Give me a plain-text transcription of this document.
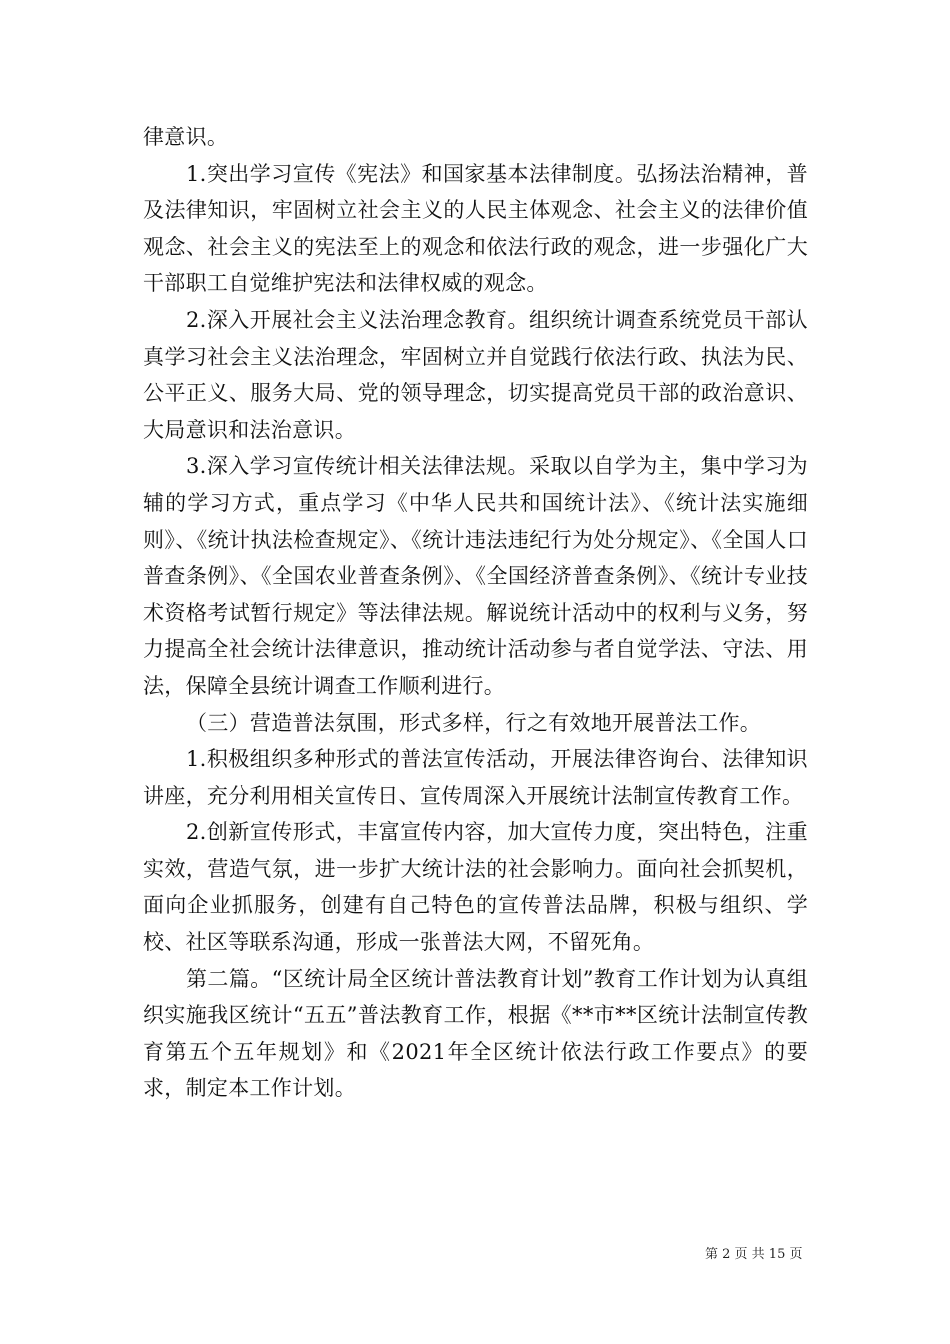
律意识。

1.突出学习宣传《宪法》和国家基本法律制度。弘扬法治精神，普及法律知识，牢固树立社会主义的人民主体观念、社会主义的法律价值观念、社会主义的宪法至上的观念和依法行政的观念，进一步强化广大干部职工自觉维护宪法和法律权威的观念。

2.深入开展社会主义法治理念教育。组织统计调查系统党员干部认真学习社会主义法治理念，牢固树立并自觉践行依法行政、执法为民、公平正义、服务大局、党的领导理念，切实提高党员干部的政治意识、大局意识和法治意识。

3.深入学习宣传统计相关法律法规。采取以自学为主，集中学习为辅的学习方式，重点学习《中华人民共和国统计法》、《统计法实施细则》、《统计执法检查规定》、《统计违法违纪行为处分规定》、《全国人口普查条例》、《全国农业普查条例》、《全国经济普查条例》、《统计专业技术资格考试暂行规定》等法律法规。解说统计活动中的权利与义务，努力提高全社会统计法律意识，推动统计活动参与者自觉学法、守法、用法，保障全县统计调查工作顺利进行。

（三）营造普法氛围，形式多样，行之有效地开展普法工作。

1.积极组织多种形式的普法宣传活动，开展法律咨询台、法律知识讲座，充分利用相关宣传日、宣传周深入开展统计法制宣传教育工作。

2.创新宣传形式，丰富宣传内容，加大宣传力度，突出特色，注重实效，营造气氛，进一步扩大统计法的社会影响力。面向社会抓契机，面向企业抓服务，创建有自己特色的宣传普法品牌，积极与组织、学校、社区等联系沟通，形成一张普法大网，不留死角。

第二篇。“区统计局全区统计普法教育计划”教育工作计划为认真组织实施我区统计“五五”普法教育工作，根据《**市**区统计法制宣传教育第五个五年规划》和《2021年全区统计依法行政工作要点》的要求，制定本工作计划。

第 2 页 共 15 页
